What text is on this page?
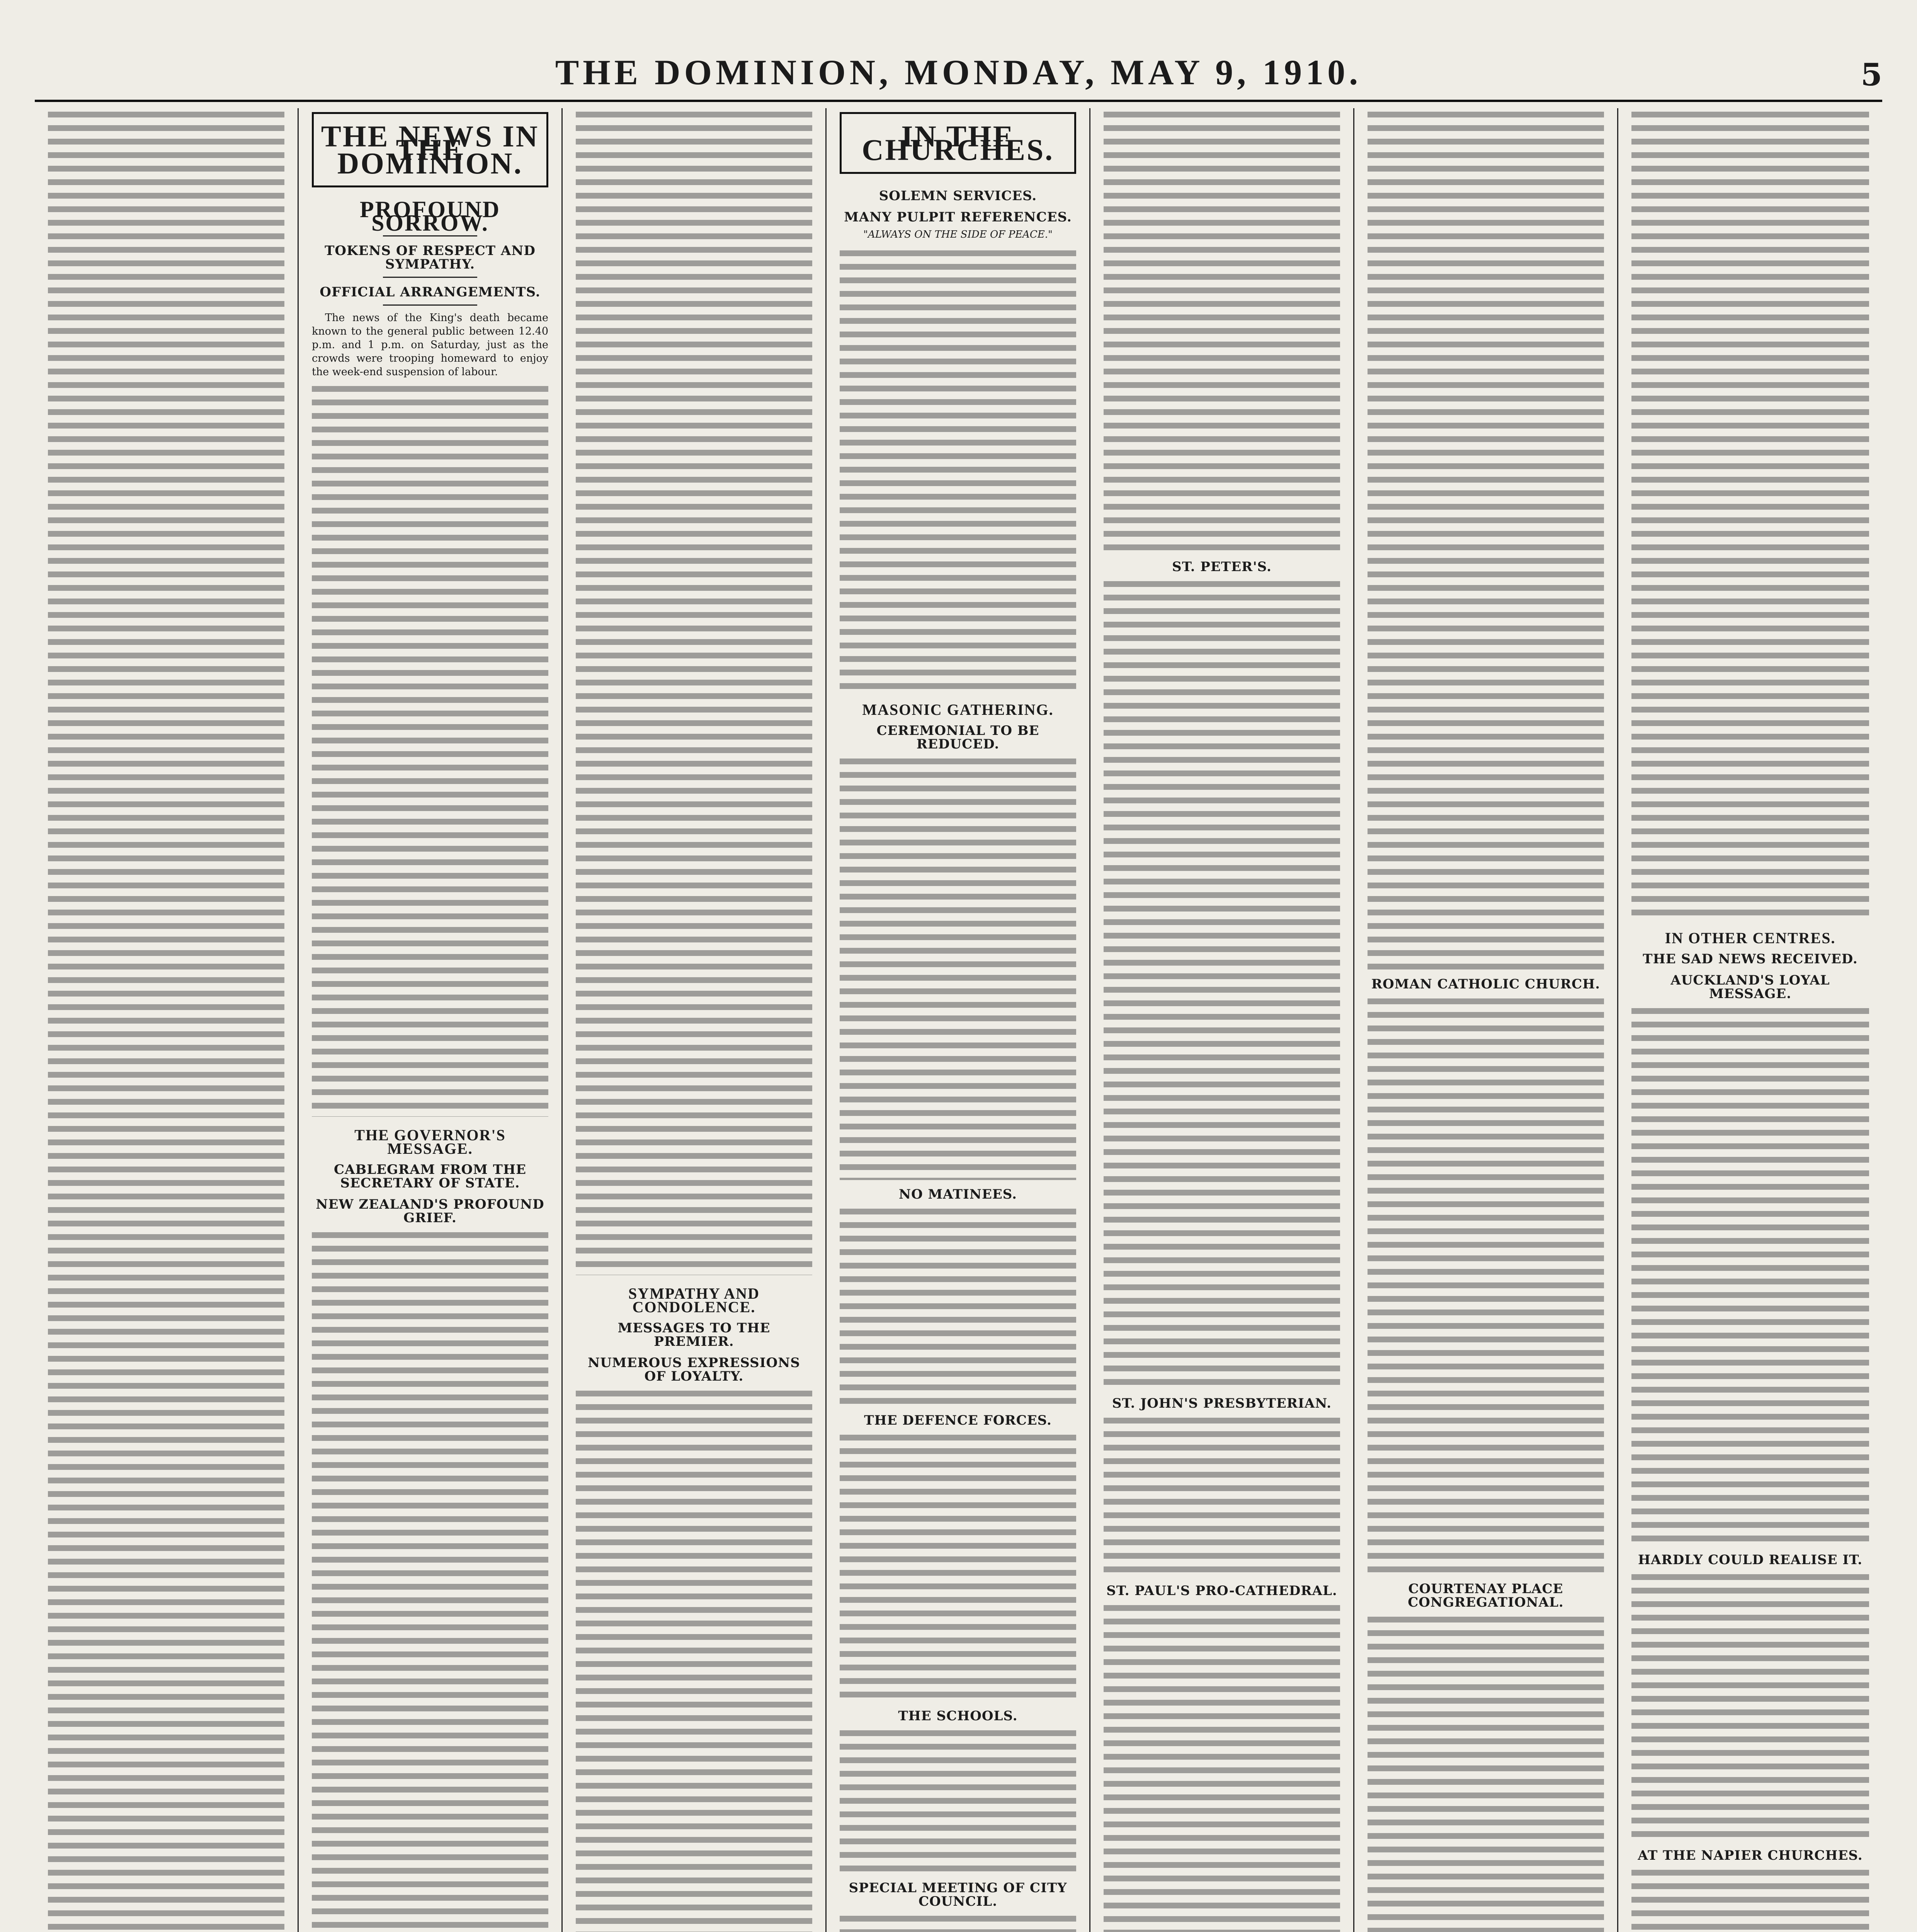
THE DOMINION, MONDAY, MAY 9, 1910.	5
THE NEWS IN THE DOMINION.
PROFOUND SORROW.
TOKENS OF RESPECT AND SYMPATHY.
OFFICIAL ARRANGEMENTS.

The news of the King's death became known to the general public between 12.40 p.m. and 1 p.m. on Saturday, just as the crowds were trooping homeward to enjoy the week-end suspension of labour.

THE GOVERNOR'S MESSAGE.
CABLEGRAM FROM THE SECRETARY OF STATE.
NEW ZEALAND'S PROFOUND GRIEF.
SYMPATHY AND CONDOLENCE.
MESSAGES TO THE PREMIER.
NUMEROUS EXPRESSIONS OF LOYALTY.
IN THE CHURCHES.
SOLEMN SERVICES.
MANY PULPIT REFERENCES.
"ALWAYS ON THE SIDE OF PEACE."
MASONIC GATHERING.
CEREMONIAL TO BE REDUCED.
NO MATINEES.
THE DEFENCE FORCES.
THE SCHOOLS.
SPECIAL MEETING OF CITY COUNCIL.
ST. PETER'S.
ST. JOHN'S PRESBYTERIAN.
ST. PAUL'S PRO-CATHEDRAL.
ROMAN CATHOLIC CHURCH.
COURTENAY PLACE CONGREGATIONAL.
IN OTHER CENTRES.
THE SAD NEWS RECEIVED.
AUCKLAND'S LOYAL MESSAGE.
HARDLY COULD REALISE IT.
AT THE NAPIER CHURCHES.
